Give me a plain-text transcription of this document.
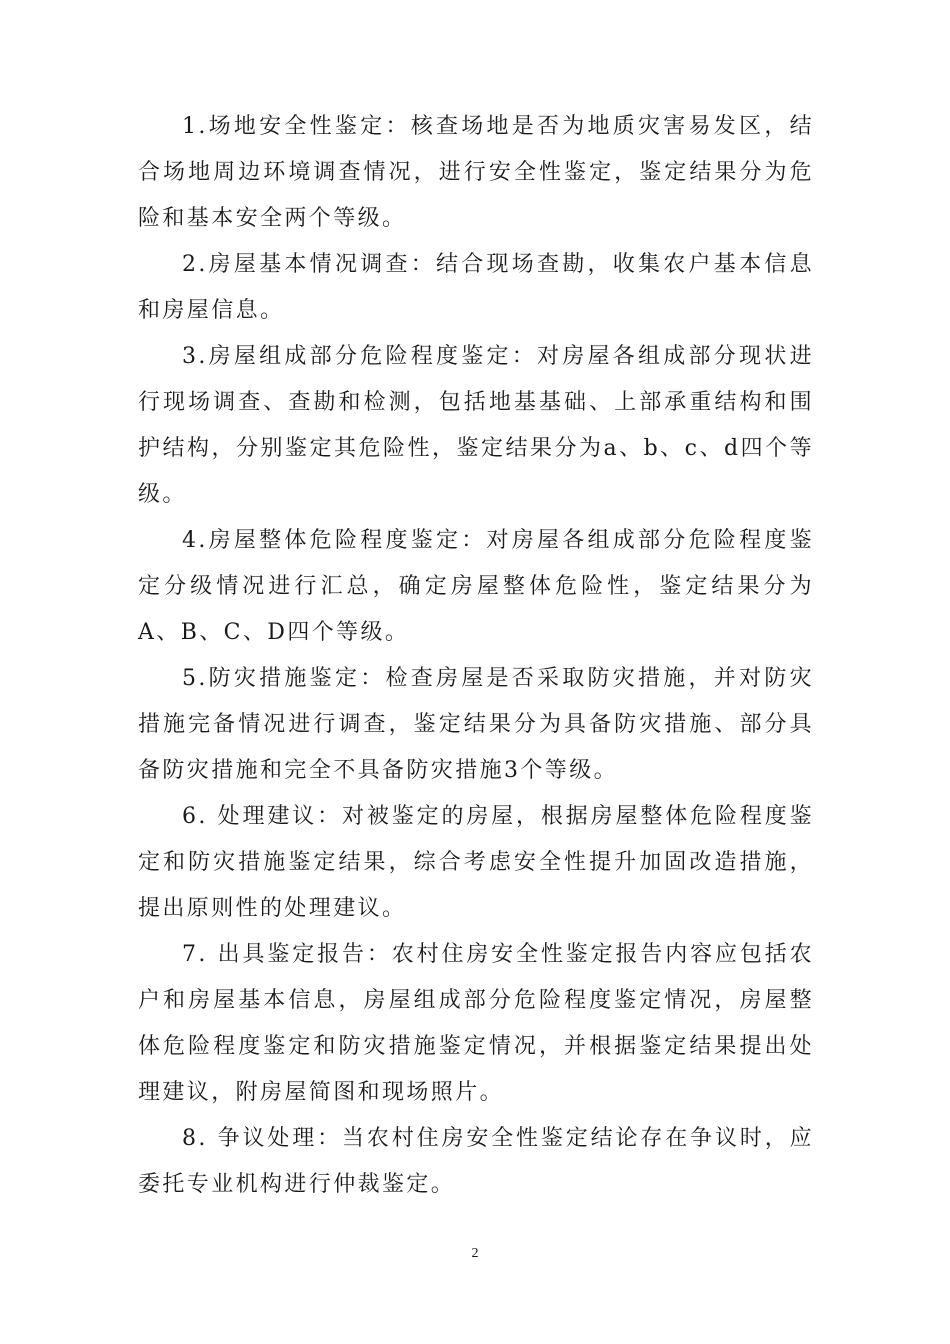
1.场地安全性鉴定：核查场地是否为地质灾害易发区，结合场地周边环境调查情况，进行安全性鉴定，鉴定结果分为危险和基本安全两个等级。

2.房屋基本情况调查：结合现场查勘，收集农户基本信息和房屋信息。

3.房屋组成部分危险程度鉴定：对房屋各组成部分现状进行现场调查、查勘和检测，包括地基基础、上部承重结构和围护结构，分别鉴定其危险性，鉴定结果分为a、b、c、d四个等级。

4.房屋整体危险程度鉴定：对房屋各组成部分危险程度鉴定分级情况进行汇总，确定房屋整体危险性，鉴定结果分为A、B、C、D四个等级。

5.防灾措施鉴定：检查房屋是否采取防灾措施，并对防灾措施完备情况进行调查，鉴定结果分为具备防灾措施、部分具备防灾措施和完全不具备防灾措施3个等级。

6. 处理建议：对被鉴定的房屋，根据房屋整体危险程度鉴定和防灾措施鉴定结果，综合考虑安全性提升加固改造措施，提出原则性的处理建议。

7. 出具鉴定报告：农村住房安全性鉴定报告内容应包括农户和房屋基本信息，房屋组成部分危险程度鉴定情况，房屋整体危险程度鉴定和防灾措施鉴定情况，并根据鉴定结果提出处理建议，附房屋简图和现场照片。

8. 争议处理：当农村住房安全性鉴定结论存在争议时，应委托专业机构进行仲裁鉴定。

2
